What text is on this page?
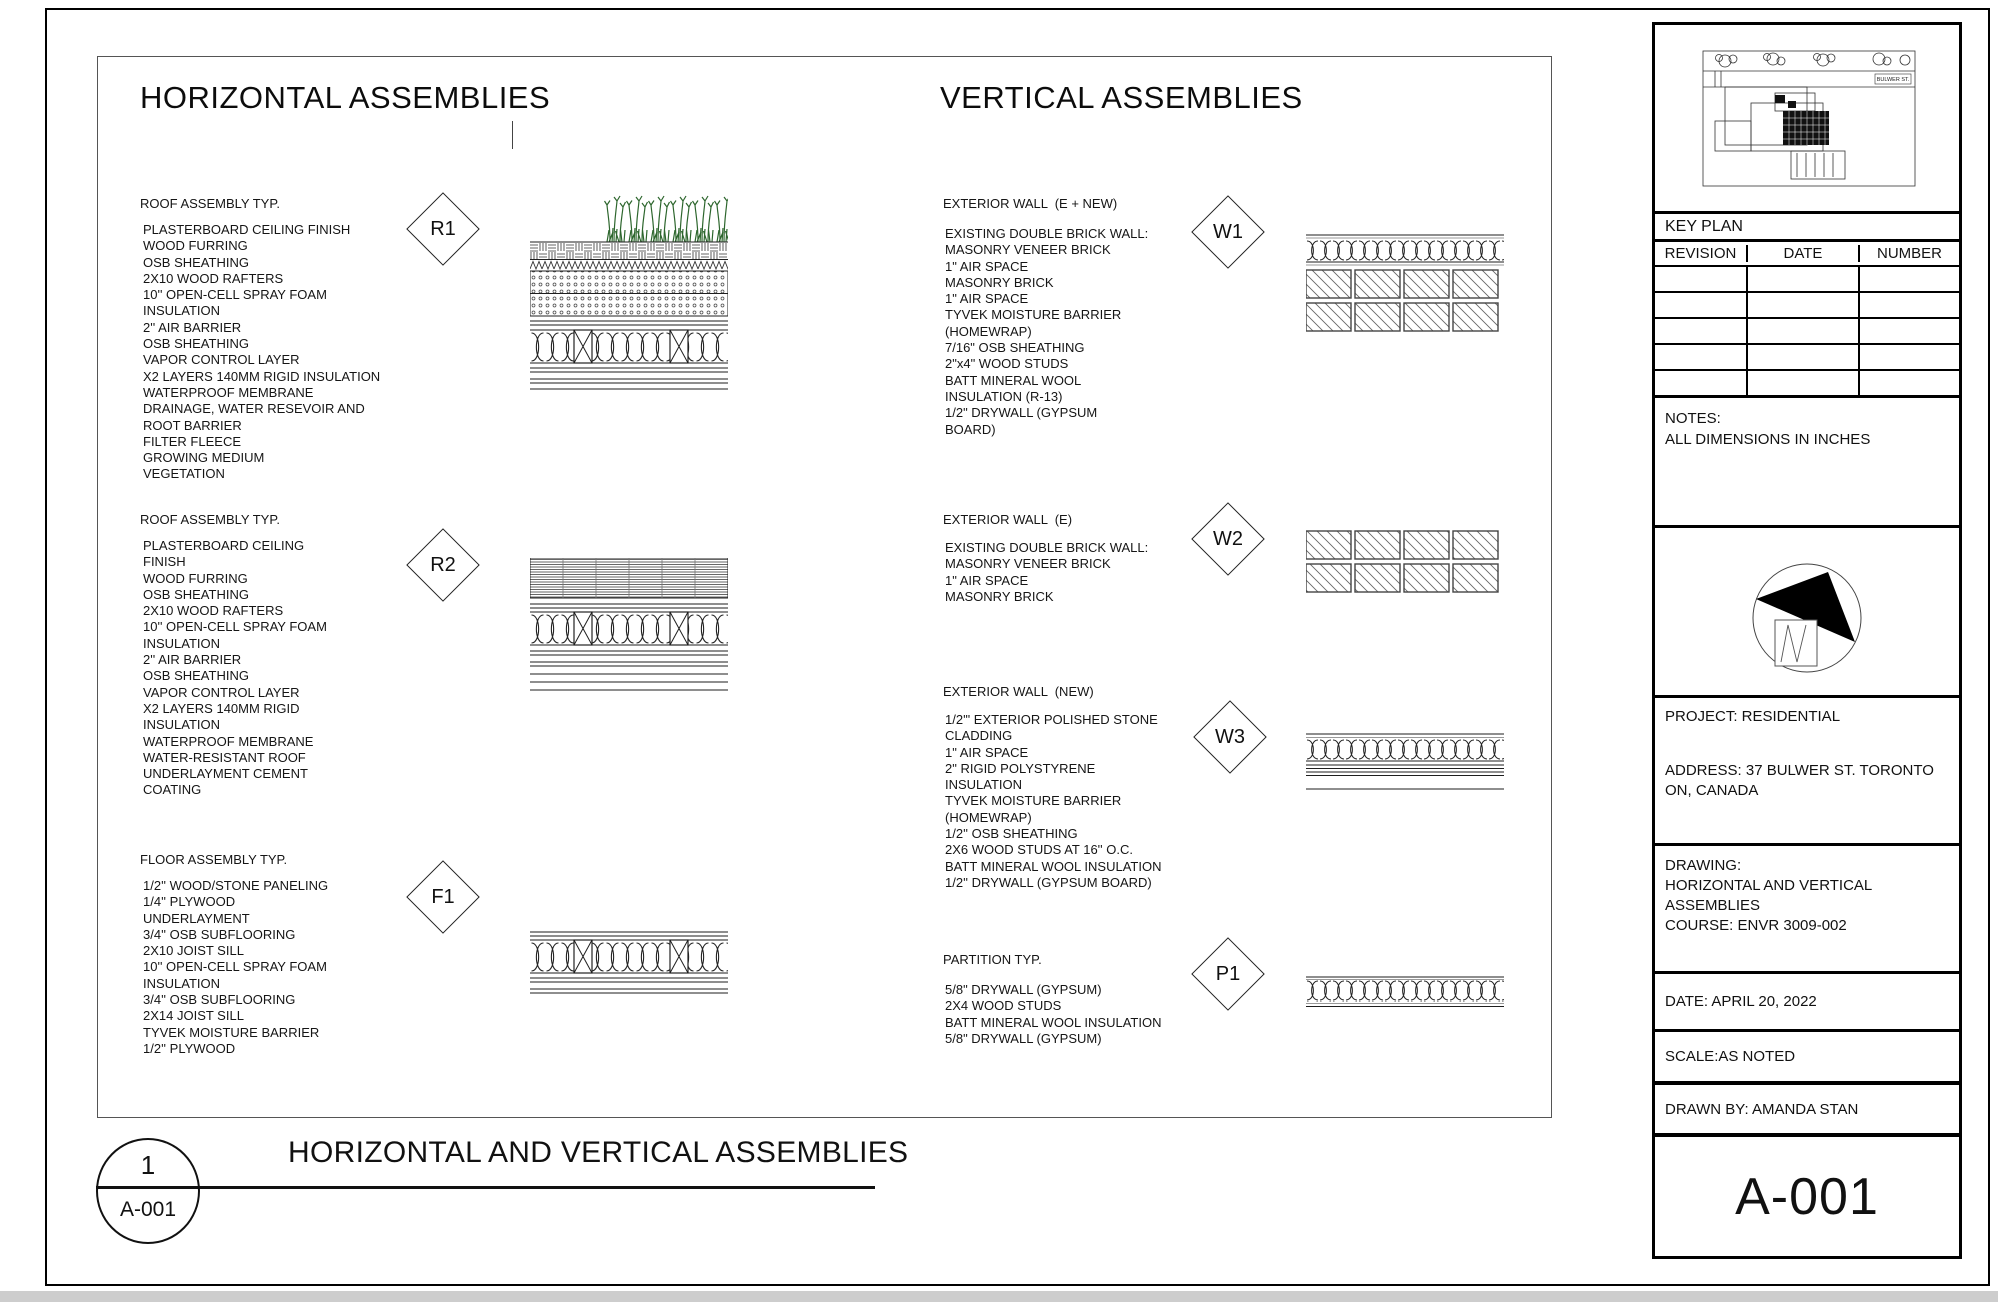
HORIZONTAL ASSEMBLIES	VERTICAL ASSEMBLIES
ROOF ASSEMBLY TYP.
PLASTERBOARD CEILING FINISH
WOOD FURRING
OSB SHEATHING
2X10 WOOD RAFTERS
10'' OPEN-CELL SPRAY FOAM INSULATION
2'' AIR BARRIER
OSB SHEATHING
VAPOR CONTROL LAYER
X2 LAYERS 140MM RIGID INSULATION
WATERPROOF MEMBRANE
DRAINAGE, WATER RESEVOIR AND ROOT BARRIER
FILTER FLEECE
GROWING MEDIUM
VEGETATION
R1
ROOF ASSEMBLY TYP.
PLASTERBOARD CEILING FINISH
WOOD FURRING
OSB SHEATHING
2X10 WOOD RAFTERS
10'' OPEN-CELL SPRAY FOAM INSULATION
2'' AIR BARRIER
OSB SHEATHING
VAPOR CONTROL LAYER
X2 LAYERS 140MM RIGID INSULATION
WATERPROOF MEMBRANE
WATER-RESISTANT ROOF
UNDERLAYMENT CEMENT COATING
R2
FLOOR ASSEMBLY TYP.
1/2'' WOOD/STONE PANELING
1/4'' PLYWOOD UNDERLAYMENT
3/4'' OSB SUBFLOORING
2X10 JOIST SILL
10'' OPEN-CELL SPRAY FOAM INSULATION
3/4'' OSB SUBFLOORING
2X14 JOIST SILL
TYVEK MOISTURE BARRIER
1/2'' PLYWOOD
F1
EXTERIOR WALL  (E + NEW)
EXISTING DOUBLE BRICK WALL:
MASONRY VENEER BRICK
1" AIR SPACE
MASONRY BRICK
1" AIR SPACE
TYVEK MOISTURE BARRIER (HOMEWRAP)
7/16" OSB SHEATHING
2"x4" WOOD STUDS
BATT MINERAL WOOL INSULATION (R-13)
1/2" DRYWALL (GYPSUM BOARD)
W1
EXTERIOR WALL  (E)
EXISTING DOUBLE BRICK WALL:
MASONRY VENEER BRICK
1" AIR SPACE
MASONRY BRICK
W2
EXTERIOR WALL  (NEW)
1/2'" EXTERIOR POLISHED STONE CLADDING
1" AIR SPACE
2" RIGID POLYSTYRENE INSULATION
TYVEK MOISTURE BARRIER (HOMEWRAP)
1/2'' OSB SHEATHING
2X6 WOOD STUDS AT 16'' O.C.
BATT MINERAL WOOL INSULATION
1/2'' DRYWALL (GYPSUM BOARD)
W3
PARTITION TYP.
5/8" DRYWALL (GYPSUM)
2X4 WOOD STUDS
BATT MINERAL WOOL INSULATION
5/8" DRYWALL (GYPSUM)
P1
1
A-001
HORIZONTAL AND VERTICAL ASSEMBLIES
BULWER ST.
KEY PLAN
REVISION	DATE	NUMBER
NOTES:
ALL DIMENSIONS IN INCHES
PROJECT: RESIDENTIAL
ADDRESS: 37 BULWER ST. TORONTO ON, CANADA
DRAWING:
HORIZONTAL AND VERTICAL ASSEMBLIES
COURSE: ENVR 3009-002
DATE: APRIL 20, 2022
SCALE:AS NOTED
DRAWN BY: AMANDA STAN
A-001
